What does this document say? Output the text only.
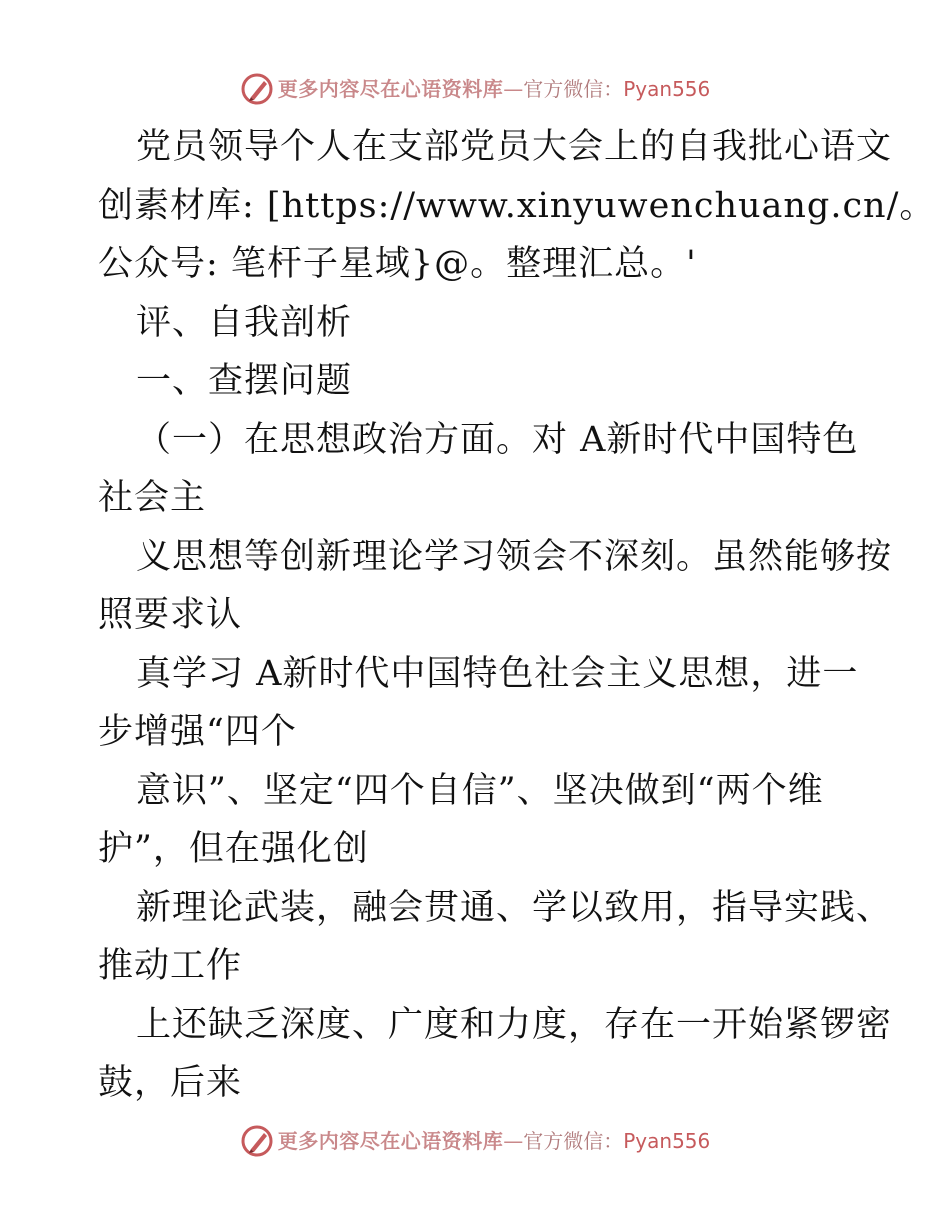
更多内容尽在心语资料库 — 官方微信： Pyan556
党员领导个人在支部党员大会上的自我批心语文
创素材库: [https://www.xinyuwenchuang.cn/。
公众号: 笔杆子星域}@。整理汇总。'
评、自我剖析
一、查摆问题
（一）在思想政治方面。对 A新时代中国特色
社会主
义思想等创新理论学习领会不深刻。虽然能够按
照要求认
真学习 A新时代中国特色社会主义思想，进一
步增强“四个
意识”、坚定“四个自信”、坚决做到“两个维
护”，但在强化创
新理论武装，融会贯通、学以致用，指导实践、
推动工作
上还缺乏深度、广度和力度，存在一开始紧锣密
鼓，后来
更多内容尽在心语资料库 — 官方微信： Pyan556
